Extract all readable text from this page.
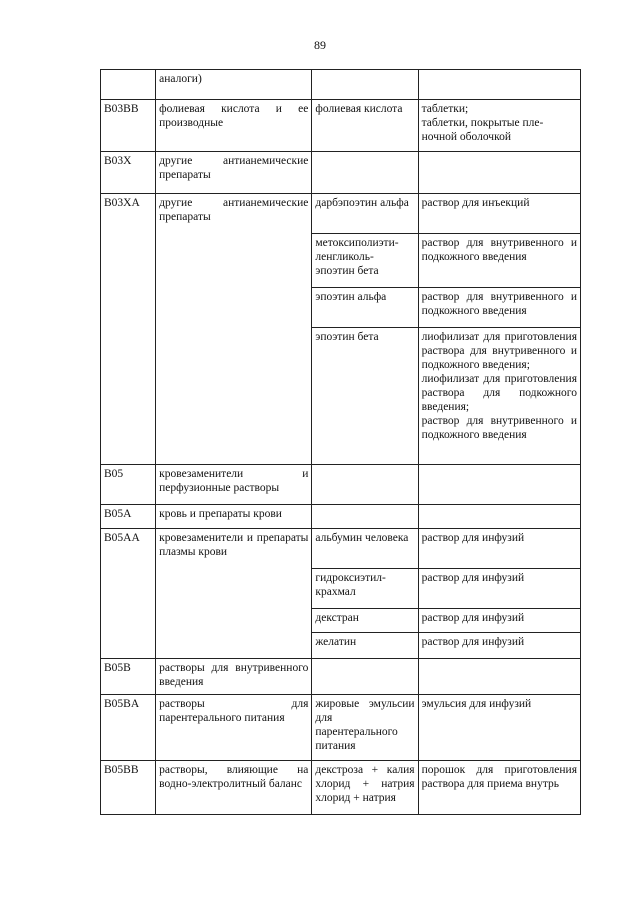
89
	аналоги)		
B03BB	фолиевая кислота и ее производные	фолиевая кислота	таблетки;
таблетки, покрытые пле-
ночной оболочкой
B03X	другие антианемические препараты		
B03XA	другие антианемические препараты	дарбэпоэтин альфа	раствор для инъекций
		метоксиполиэти-
ленгликоль-
эпоэтин бета	раствор для внутривенного и подкожного введения
		эпоэтин альфа	раствор для внутривенного и подкожного введения
		эпоэтин бета	лиофилизат для приготовления раствора для внутривенного и подкожного введения;
лиофилизат для приготовления раствора для подкожного введения;
раствор для внутривенного и подкожного введения
B05	кровезаменители и перфузионные растворы		
B05A	кровь и препараты крови		
B05AA	кровезаменители и препараты плазмы крови	альбумин человека	раствор для инфузий
		гидроксиэтил-
крахмал	раствор для инфузий
		декстран	раствор для инфузий
		желатин	раствор для инфузий
B05B	растворы для внутривенного введения		
B05BA	растворы для парентерального питания	жировые эмульсии для парентерального питания	эмульсия для инфузий
B05BB	растворы, влияющие на водно-электролитный баланс	декстроза + калия хлорид + натрия хлорид + натрия	порошок для приготовления раствора для приема внутрь
